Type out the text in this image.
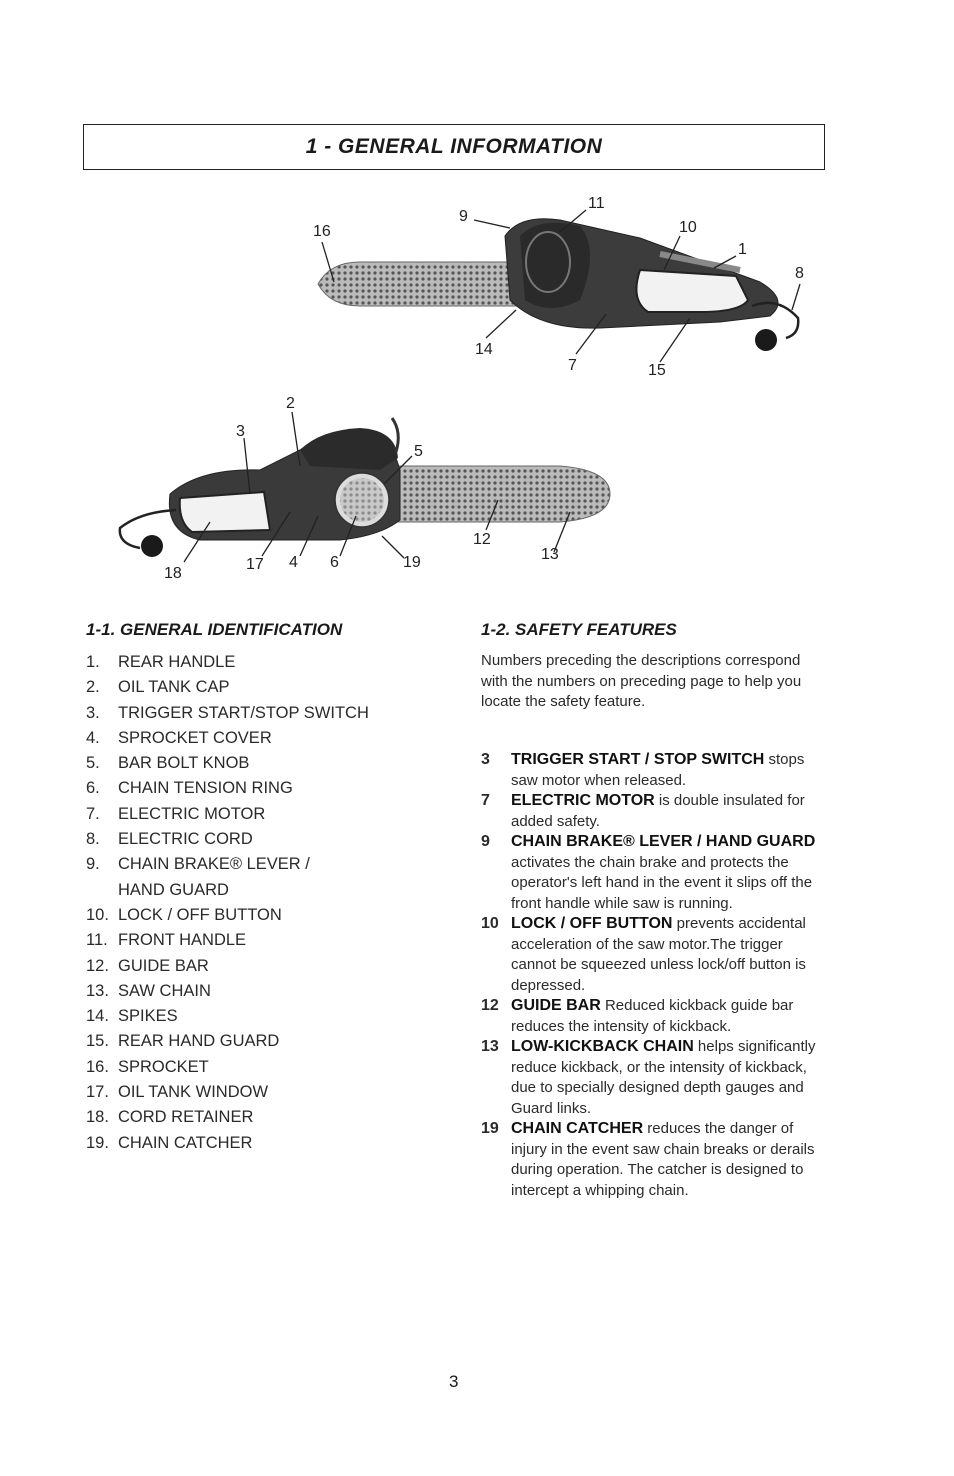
1 - GENERAL INFORMATION
16
9
11
10
1
8
14
7	15
2
3
5
12
13
18
17 4 6	19
1-1. GENERAL IDENTIFICATION
1.	REAR HANDLE
2.	OIL TANK CAP
3.	TRIGGER START/STOP SWITCH
4.	SPROCKET COVER
5.	BAR BOLT KNOB
6.	CHAIN TENSION RING
7.	ELECTRIC MOTOR
8.	ELECTRIC CORD
9.	CHAIN BRAKE® LEVER /
HAND GUARD
10. LOCK / OFF BUTTON
11. FRONT HANDLE
12. GUIDE BAR
13. SAW CHAIN
14. SPIKES
15. REAR HAND GUARD
16. SPROCKET
17. OIL TANK WINDOW
18. CORD RETAINER
19. CHAIN CATCHER
1-2. SAFETY FEATURES

Numbers preceding the descriptions correspond with the numbers on preceding page to help you locate the safety feature.

3	TRIGGER START / STOP SWITCH stops saw motor when released.
7	ELECTRIC MOTOR is double insulated for added safety.
9	CHAIN BRAKE® LEVER / HAND GUARD activates the chain brake and protects the operator's left hand in the event it slips off the front handle while saw is running.
10 LOCK / OFF BUTTON prevents accidental acceleration of the saw motor.The trigger cannot be squeezed unless lock/off button is depressed.
12 GUIDE BAR Reduced kickback guide bar reduces the intensity of kickback.
13 LOW-KICKBACK CHAIN helps significantly reduce kickback, or the intensity of kickback, due to specially designed depth gauges and Guard links.
19 CHAIN CATCHER reduces the danger of injury in the event saw chain breaks or derails during operation. The catcher is designed to intercept a whipping chain.
3
